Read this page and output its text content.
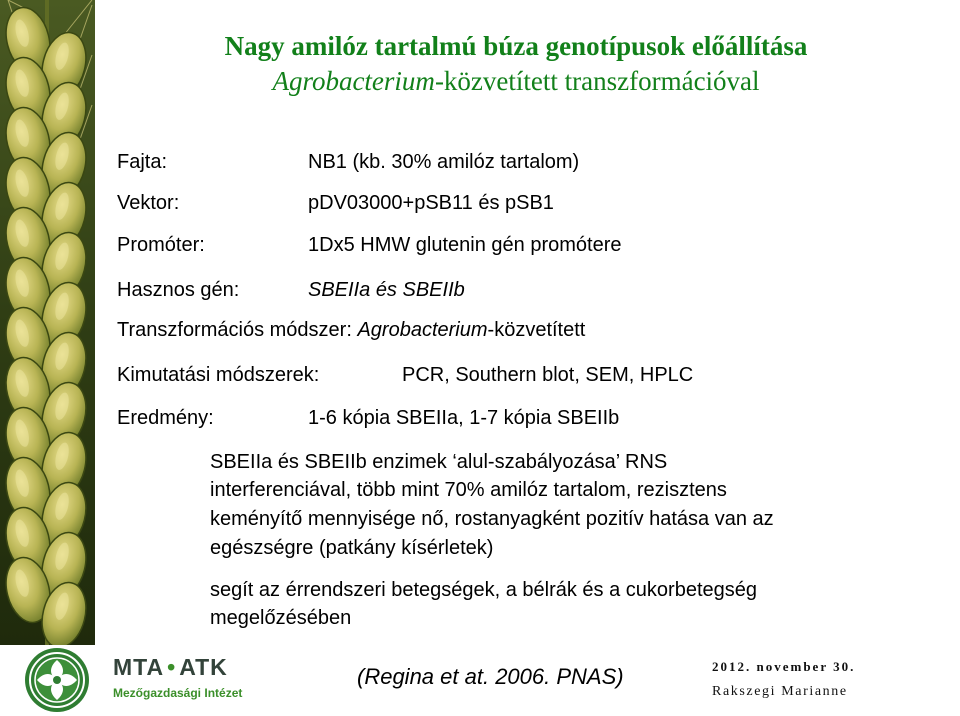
Nagy amilóz tartalmú búza genotípusok előállítása
Agrobacterium-közvetített transzformációval
Fajta:	NB1 (kb. 30% amilóz tartalom)
Vektor:	pDV03000+pSB11 és pSB1
Promóter:	1Dx5 HMW glutenin gén promótere
Hasznos gén:	SBEIIa és SBEIIb
Transzformációs módszer: Agrobacterium-közvetített
Kimutatási módszerek:	PCR, Southern blot, SEM, HPLC
Eredmény:	1-6 kópia SBEIIa, 1-7 kópia SBEIIb
SBEIIa és SBEIIb enzimek ‘alul-szabályozása’ RNS
interferenciával, több mint 70% amilóz tartalom, rezisztens
keményítő mennyisége nő, rostanyagként pozitív hatása van az
egészségre (patkány kísérletek)
segít az érrendszeri betegségek, a bélrák és a cukorbetegség
megelőzésében
MTA • ATK
Mezőgazdasági Intézet
(Regina et at. 2006. PNAS)	2012. november 30.
Rakszegi Marianne
